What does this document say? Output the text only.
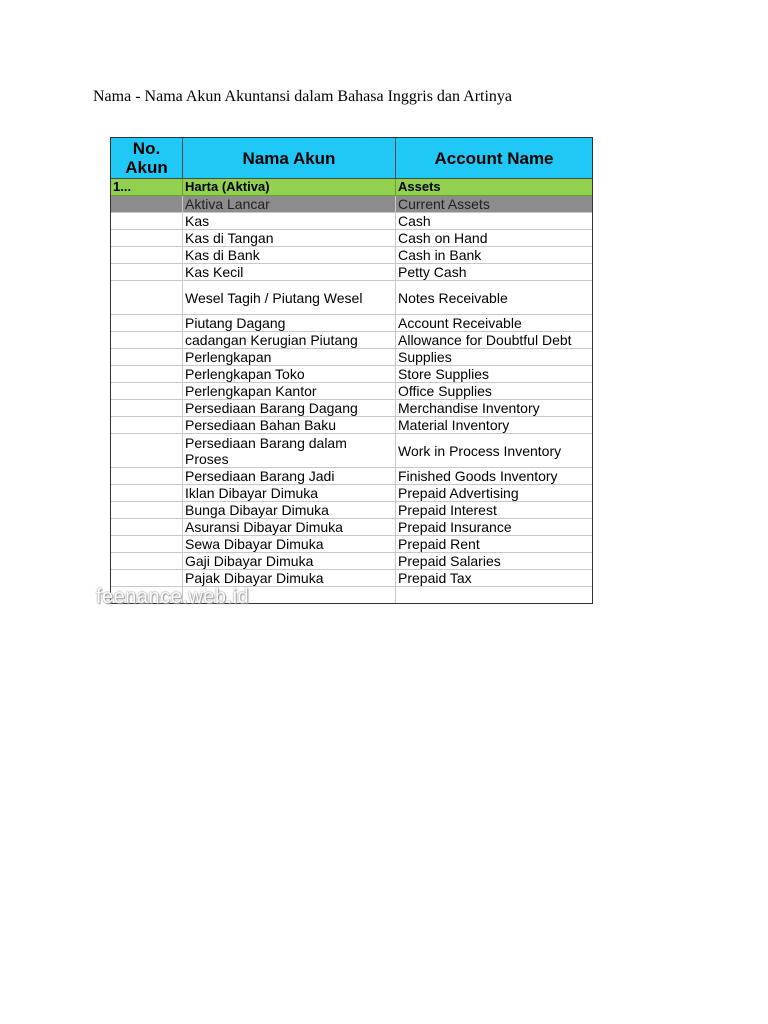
Nama - Nama Akun Akuntansi dalam Bahasa Inggris dan Artinya
No. Akun	Nama Akun	Account Name
1...	Harta (Aktiva)	Assets
	Aktiva Lancar	Current Assets
	Kas	Cash
	Kas di Tangan	Cash on Hand
	Kas di Bank	Cash in Bank
	Kas Kecil	Petty Cash
	Wesel Tagih / Piutang Wesel	Notes Receivable
	Piutang Dagang	Account Receivable
	cadangan Kerugian Piutang	Allowance for Doubtful Debt
	Perlengkapan	Supplies
	Perlengkapan Toko	Store Supplies
	Perlengkapan Kantor	Office Supplies
	Persediaan Barang Dagang	Merchandise Inventory
	Persediaan Bahan Baku	Material Inventory
	Persediaan Barang dalam Proses	Work in Process Inventory
	Persediaan Barang Jadi	Finished Goods Inventory
	Iklan Dibayar Dimuka	Prepaid Advertising
	Bunga Dibayar Dimuka	Prepaid Interest
	Asuransi Dibayar Dimuka	Prepaid Insurance
	Sewa Dibayar Dimuka	Prepaid Rent
	Gaji Dibayar Dimuka	Prepaid Salaries
	Pajak Dibayar Dimuka	Prepaid Tax

feenance.web.id
